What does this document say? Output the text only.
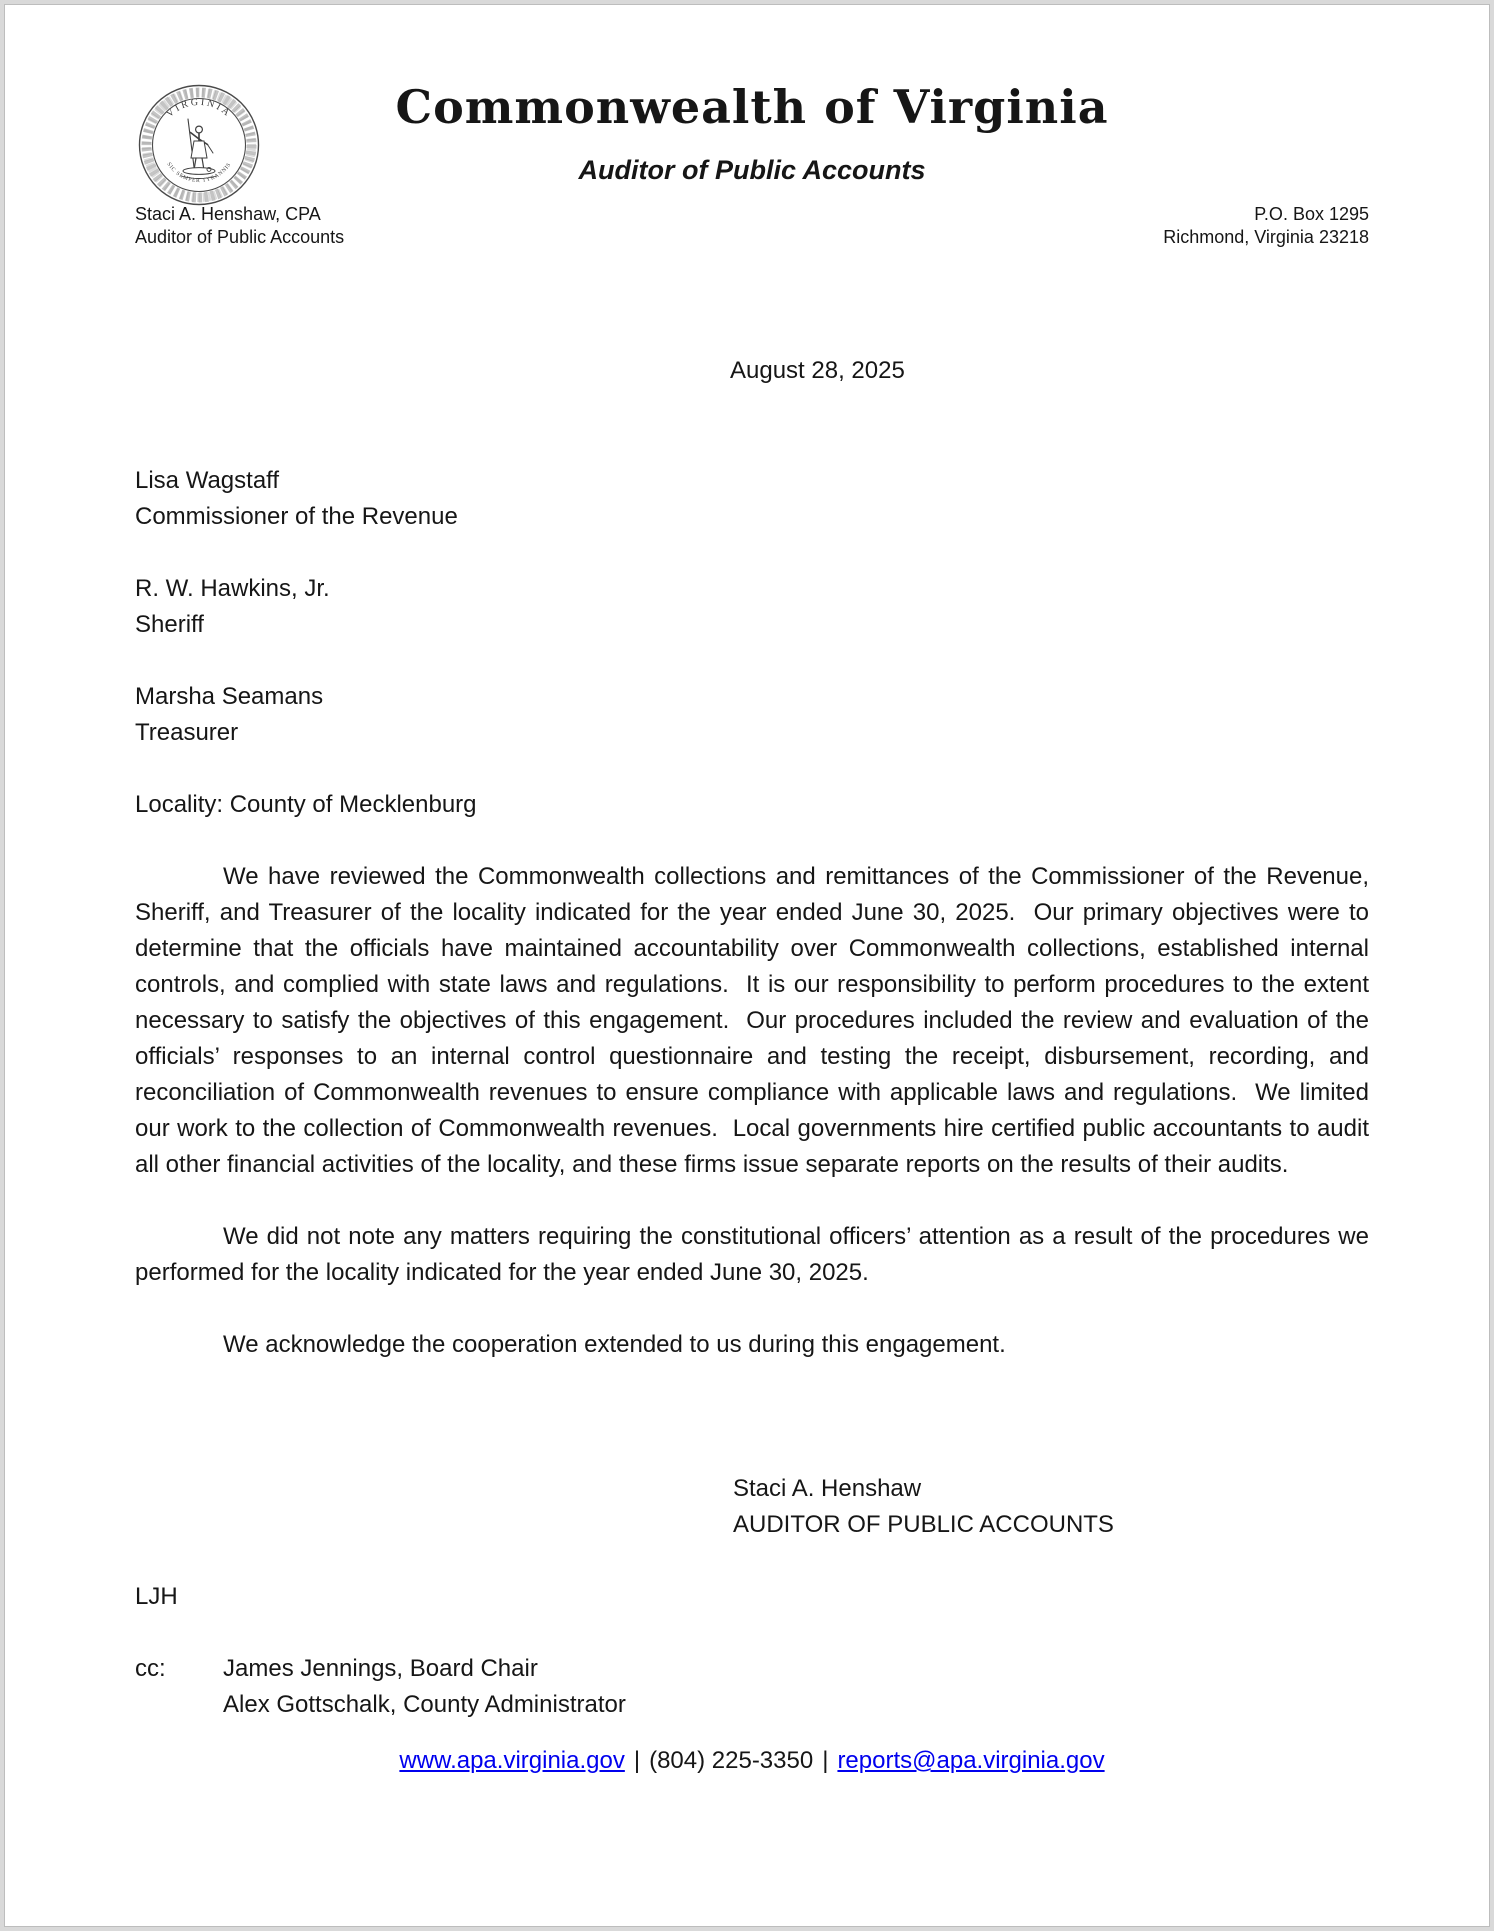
VIRGINIA
SIC SEMPER TYRANNIS
Commonwealth of Virginia
Auditor of Public Accounts
Staci A. Henshaw, CPA
Auditor of Public Accounts
P.O. Box 1295
Richmond, Virginia 23218
August 28, 2025
Lisa Wagstaff
Commissioner of the Revenue
R. W. Hawkins, Jr.
Sheriff
Marsha Seamans
Treasurer
Locality: County of Mecklenburg

We have reviewed the Commonwealth collections and remittances of the Commissioner of the Revenue, Sheriff, and Treasurer of the locality indicated for the year ended June 30, 2025.  Our primary objectives were to determine that the officials have maintained accountability over Commonwealth collections, established internal controls, and complied with state laws and regulations.  It is our responsibility to perform procedures to the extent necessary to satisfy the objectives of this engagement.  Our procedures included the review and evaluation of the officials’ responses to an internal control questionnaire and testing the receipt, disbursement, recording, and reconciliation of Commonwealth revenues to ensure compliance with applicable laws and regulations.  We limited our work to the collection of Commonwealth revenues.  Local governments hire certified public accountants to audit all other financial activities of the locality, and these firms issue separate reports on the results of their audits.

We did not note any matters requiring the constitutional officers’ attention as a result of the procedures we performed for the locality indicated for the year ended June 30, 2025.

We acknowledge the cooperation extended to us during this engagement.

Staci A. Henshaw
AUDITOR OF PUBLIC ACCOUNTS
LJH
cc:	James Jennings, Board Chair
Alex Gottschalk, County Administrator
www.apa.virginia.gov | (804) 225-3350 | reports@apa.virginia.gov
